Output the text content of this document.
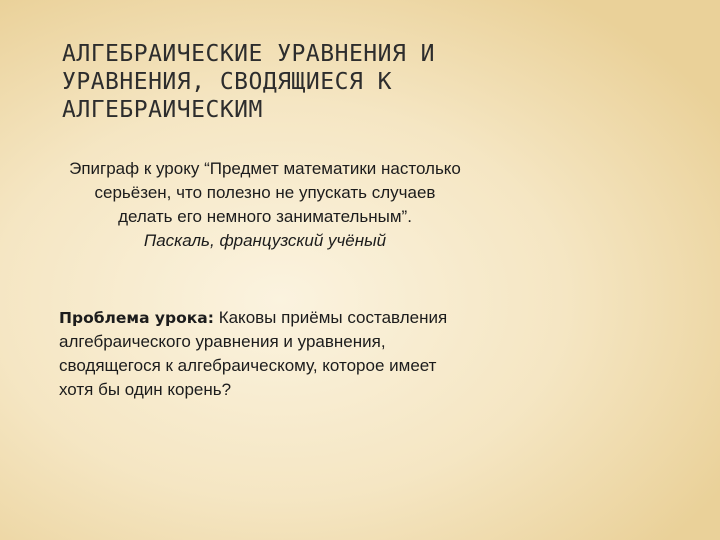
АЛГЕБРАИЧЕСКИЕ УРАВНЕНИЯ И
УРАВНЕНИЯ, СВОДЯЩИЕСЯ К
АЛГЕБРАИЧЕСКИМ
Эпиграф к уроку “Предмет математики настолько
серьёзен, что полезно не упускать случаев
делать его немного занимательным”.
Паскаль, французский учёный
Проблема урока: Каковы приёмы составления
алгебраического уравнения и уравнения,
сводящегося к алгебраическому, которое имеет
хотя бы один корень?
